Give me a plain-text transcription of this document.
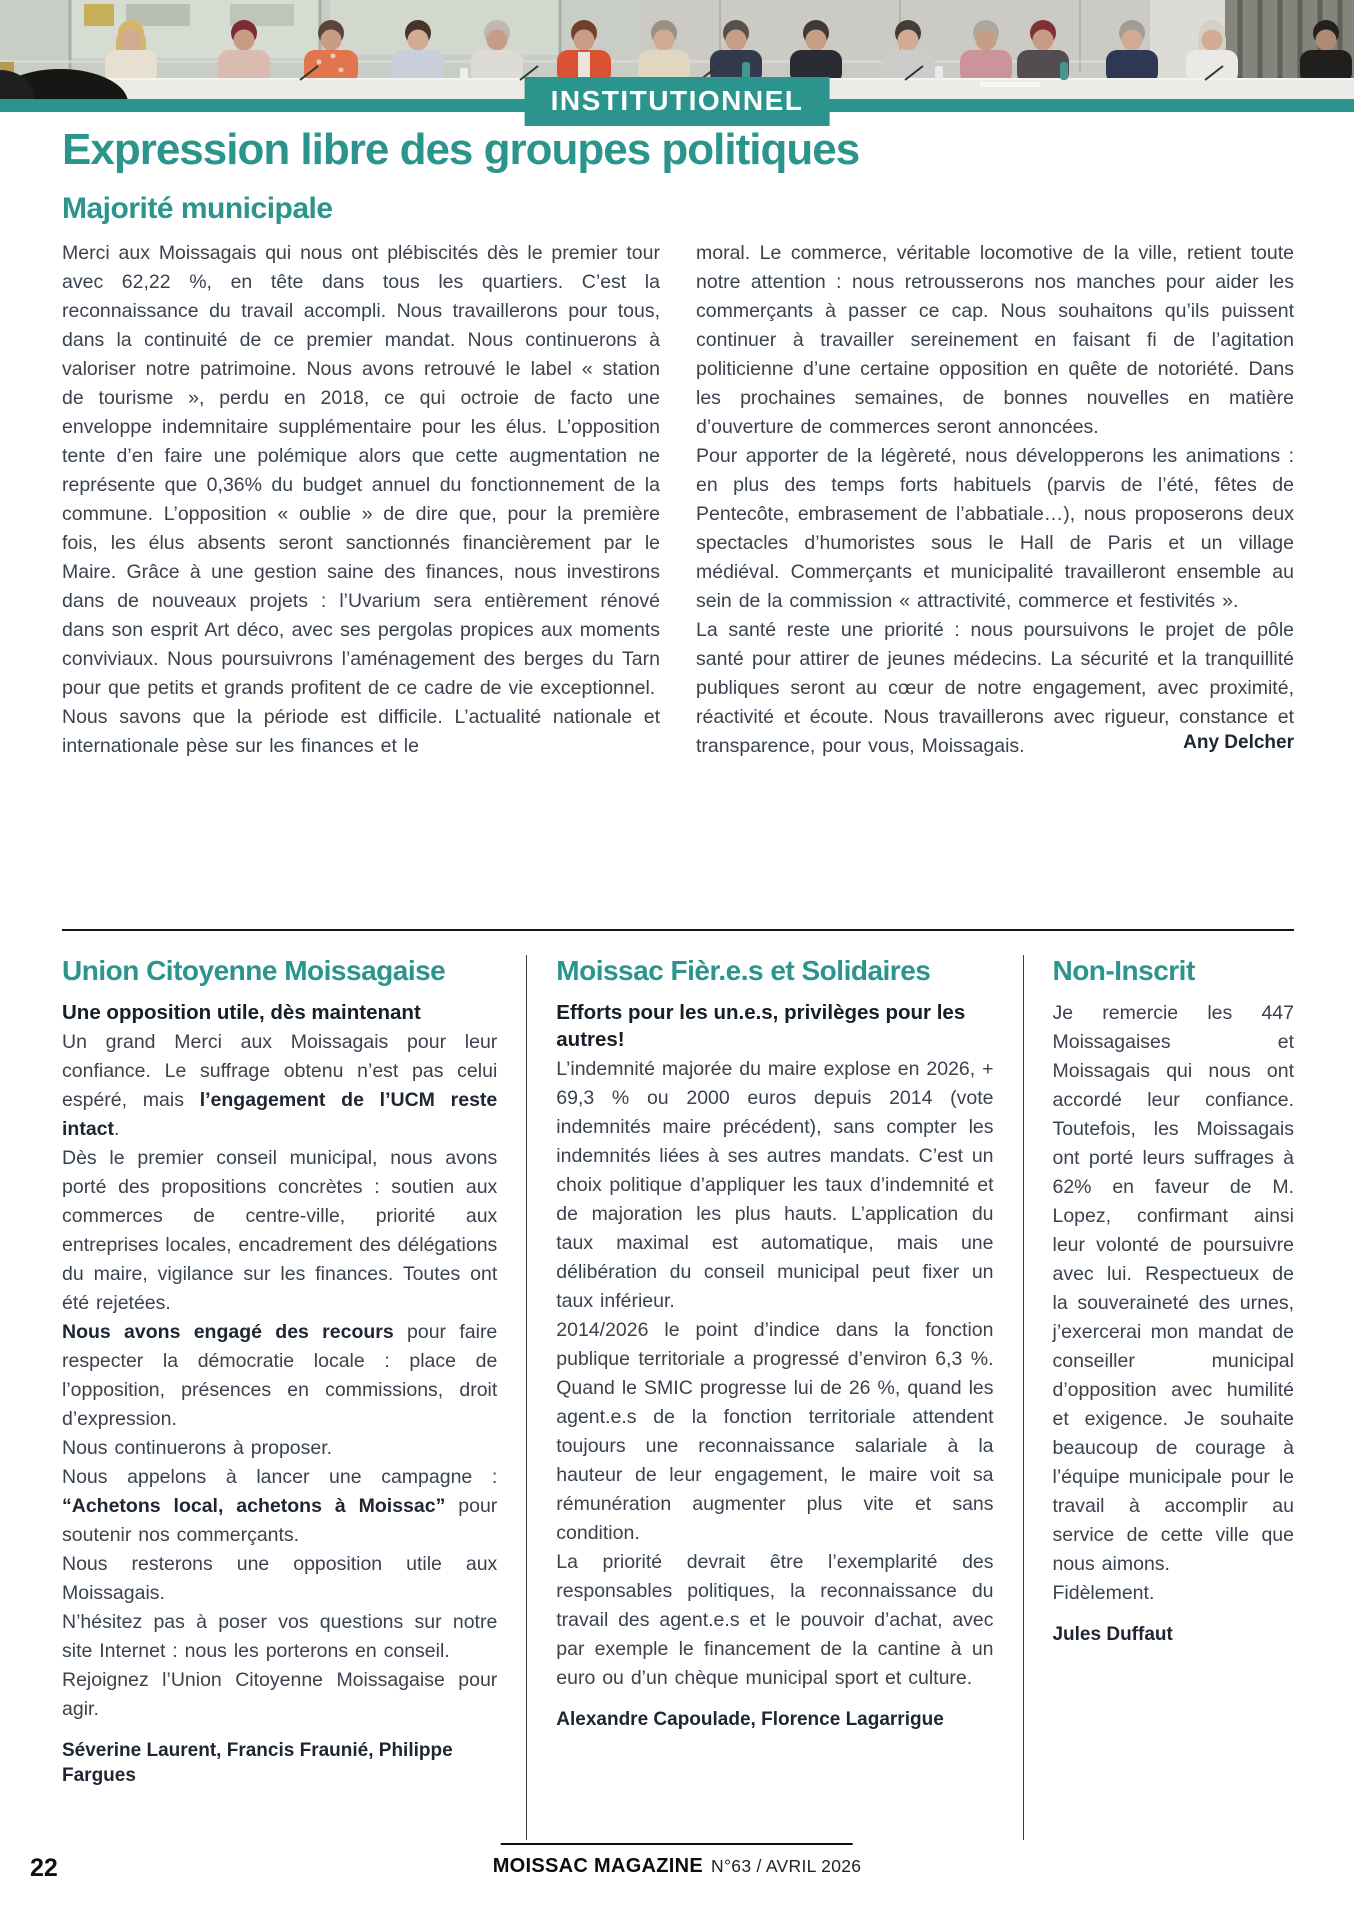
INSTITUTIONNEL
Expression libre des groupes politiques
Majorité municipale

Merci aux Moissagais qui nous ont plébiscités dès le premier tour avec 62,22 %, en tête dans tous les quartiers. C’est la reconnaissance du travail accompli. Nous travaillerons pour tous, dans la continuité de ce premier mandat. Nous continuerons à valoriser notre patrimoine. Nous avons retrouvé le label « station de tourisme », perdu en 2018, ce qui octroie de facto une enveloppe indemnitaire supplémentaire pour les élus. L’opposition tente d’en faire une polémique alors que cette augmentation ne représente que 0,36% du budget annuel du fonctionnement de la commune. L’opposition « oublie » de dire que, pour la première fois, les élus absents seront sanctionnés financièrement par le Maire. Grâce à une gestion saine des finances, nous investirons dans de nouveaux projets : l’Uvarium sera entièrement rénové dans son esprit Art déco, avec ses pergolas propices aux moments conviviaux. Nous poursuivrons l’aménagement des berges du Tarn pour que petits et grands profitent de ce cadre de vie exceptionnel.

Nous savons que la période est difficile. L’actualité nationale et internationale pèse sur les finances et le

moral. Le commerce, véritable locomotive de la ville, retient toute notre attention : nous retrousserons nos manches pour aider les commerçants à passer ce cap. Nous souhaitons qu’ils puissent continuer à travailler sereinement en faisant fi de l’agitation politicienne d’une certaine opposition en quête de notoriété. Dans les prochaines semaines, de bonnes nouvelles en matière d’ouverture de commerces seront annoncées.

Pour apporter de la légèreté, nous développerons les animations : en plus des temps forts habituels (parvis de l’été, fêtes de Pentecôte, embrasement de l’abbatiale…), nous proposerons deux spectacles d’humoristes sous le Hall de Paris et un village médiéval. Commerçants et municipalité travailleront ensemble au sein de la commission « attractivité, commerce et festivités ».

La santé reste une priorité : nous poursuivons le projet de pôle santé pour attirer de jeunes médecins. La sécurité et la tranquillité publiques seront au cœur de notre engagement, avec proximité, réactivité et écoute. Nous travaillerons avec rigueur, constance et transparence, pour vous, Moissagais.	Any Delcher
Union Citoyenne Moissagaise
Une opposition utile, dès maintenant

Un grand Merci aux Moissagais pour leur confiance. Le suffrage obtenu n’est pas celui espéré, mais l’engagement de l’UCM reste intact.

Dès le premier conseil municipal, nous avons porté des propositions concrètes : soutien aux commerces de centre-ville, priorité aux entreprises locales, encadrement des délégations du maire, vigilance sur les finances. Toutes ont été rejetées.

Nous avons engagé des recours pour faire respecter la démocratie locale : place de l’opposition, présences en commissions, droit d’expression.

Nous continuerons à proposer.

Nous appelons à lancer une campagne : “Achetons local, achetons à Moissac” pour soutenir nos commerçants.

Nous resterons une opposition utile aux Moissagais.

N’hésitez pas à poser vos questions sur notre site Internet : nous les porterons en conseil.

Rejoignez l’Union Citoyenne Moissagaise pour agir.

Séverine Laurent, Francis Fraunié, Philippe Fargues
Moissac Fièr.e.s et Solidaires
Efforts pour les un.e.s, privilèges pour les autres!

L’indemnité majorée du maire explose en 2026, + 69,3 % ou 2000 euros depuis 2014 (vote indemnités maire précédent), sans compter les indemnités liées à ses autres mandats. C’est un choix politique d’appliquer les taux d’indemnité et de majoration les plus hauts. L’application du taux maximal est automatique, mais une délibération du conseil municipal peut fixer un taux inférieur.

2014/2026 le point d’indice dans la fonction publique territoriale a progressé d’environ 6,3 %. Quand le SMIC progresse lui de 26 %, quand les agent.e.s de la fonction territoriale attendent toujours une reconnaissance salariale à la hauteur de leur engagement, le maire voit sa rémunération augmenter plus vite et sans condition.

La priorité devrait être l’exemplarité des responsables politiques, la reconnaissance du travail des agent.e.s et le pouvoir d’achat, avec par exemple le financement de la cantine à un euro ou d’un chèque municipal sport et culture.

Alexandre Capoulade, Florence Lagarrigue
Non-Inscrit

Je remercie les 447 Moissagaises et Moissagais qui nous ont accordé leur confiance. Toutefois, les Moissagais ont porté leurs suffrages à 62% en faveur de M. Lopez, confirmant ainsi leur volonté de poursuivre avec lui. Respectueux de la souveraineté des urnes, j’exercerai mon mandat de conseiller municipal d’opposition avec humilité et exigence. Je souhaite beaucoup de courage à l’équipe municipale pour le travail à accomplir au service de cette ville que nous aimons.

Fidèlement.

Jules Duffaut
22	MOISSAC MAGAZINE N°63 / AVRIL 2026
